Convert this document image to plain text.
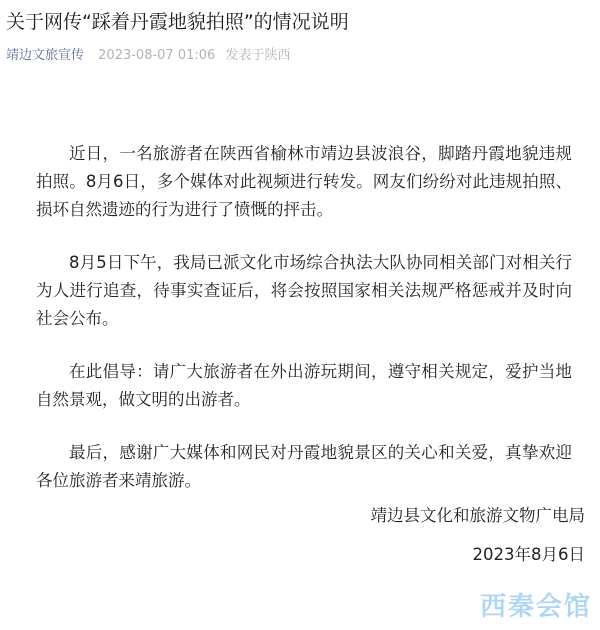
关于网传“踩着丹霞地貌拍照”的情况说明
靖边文旅宣传 2023-08-07 01:06 发表于陕西

近日，一名旅游者在陕西省榆林市靖边县波浪谷，脚踏丹霞地貌违规拍照。8月6日，多个媒体对此视频进行转发。网友们纷纷对此违规拍照、损坏自然遗迹的行为进行了愤慨的抨击。

8月5日下午，我局已派文化市场综合执法大队协同相关部门对相关行为人进行追查，待事实查证后，将会按照国家相关法规严格惩戒并及时向社会公布。

在此倡导：请广大旅游者在外出游玩期间，遵守相关规定，爱护当地自然景观，做文明的出游者。

最后，感谢广大媒体和网民对丹霞地貌景区的关心和关爱，真挚欢迎各位旅游者来靖旅游。

靖边县文化和旅游文物广电局
2023年8月6日
西秦会馆
